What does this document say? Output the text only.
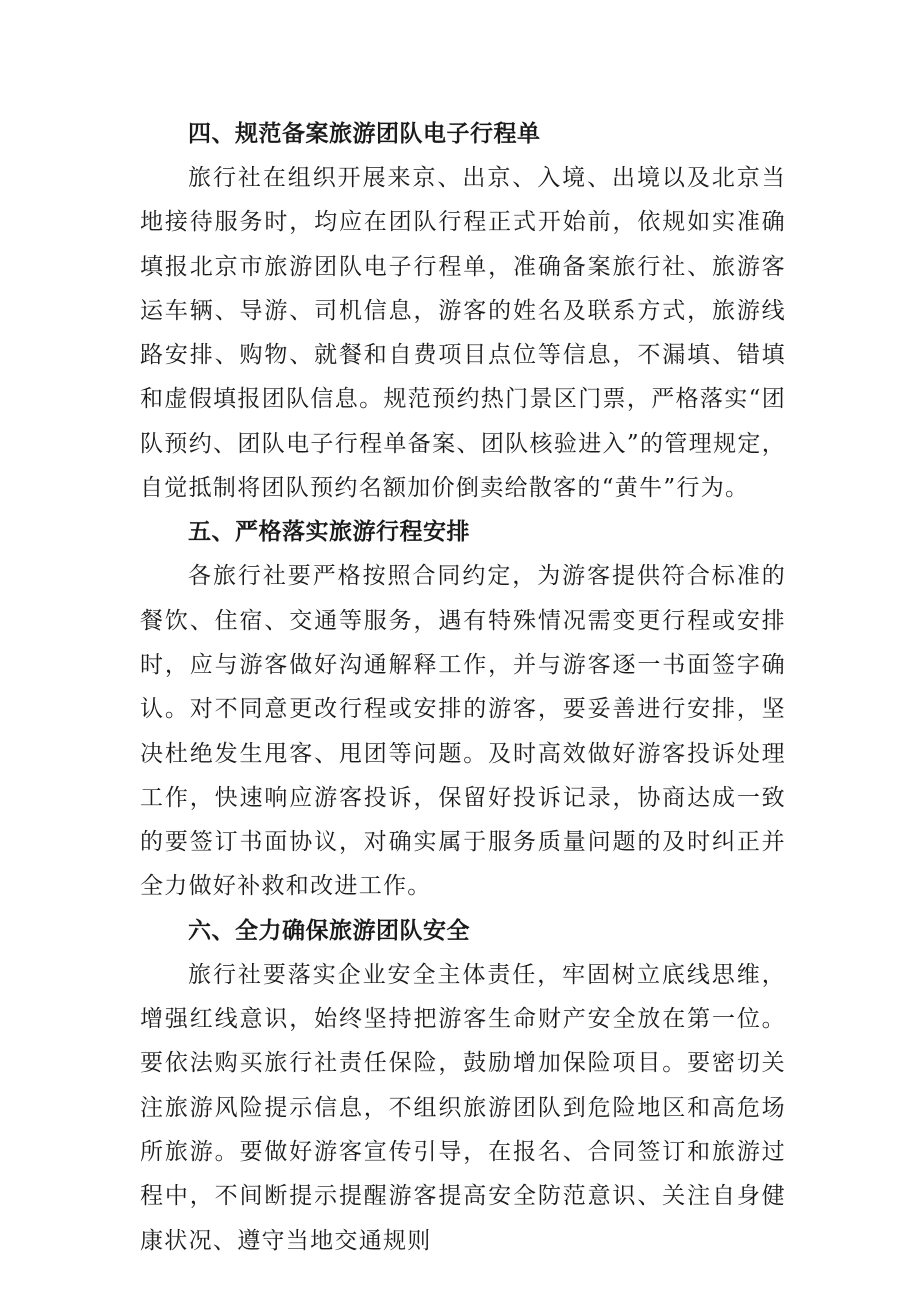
四、规范备案旅游团队电子行程单

旅行社在组织开展来京、出京、入境、出境以及北京当地接待服务时，均应在团队行程正式开始前，依规如实准确填报北京市旅游团队电子行程单，准确备案旅行社、旅游客运车辆、导游、司机信息，游客的姓名及联系方式，旅游线路安排、购物、就餐和自费项目点位等信息，不漏填、错填和虚假填报团队信息。规范预约热门景区门票，严格落实“团队预约、团队电子行程单备案、团队核验进入”的管理规定，自觉抵制将团队预约名额加价倒卖给散客的“黄牛”行为。

五、严格落实旅游行程安排

各旅行社要严格按照合同约定，为游客提供符合标准的餐饮、住宿、交通等服务，遇有特殊情况需变更行程或安排时，应与游客做好沟通解释工作，并与游客逐一书面签字确认。对不同意更改行程或安排的游客，要妥善进行安排，坚决杜绝发生甩客、甩团等问题。及时高效做好游客投诉处理工作，快速响应游客投诉，保留好投诉记录，协商达成一致的要签订书面协议，对确实属于服务质量问题的及时纠正并全力做好补救和改进工作。

六、全力确保旅游团队安全

旅行社要落实企业安全主体责任，牢固树立底线思维，增强红线意识，始终坚持把游客生命财产安全放在第一位。要依法购买旅行社责任保险，鼓励增加保险项目。要密切关注旅游风险提示信息，不组织旅游团队到危险地区和高危场所旅游。要做好游客宣传引导，在报名、合同签订和旅游过程中，不间断提示提醒游客提高安全防范意识、关注自身健康状况、遵守当地交通规则
